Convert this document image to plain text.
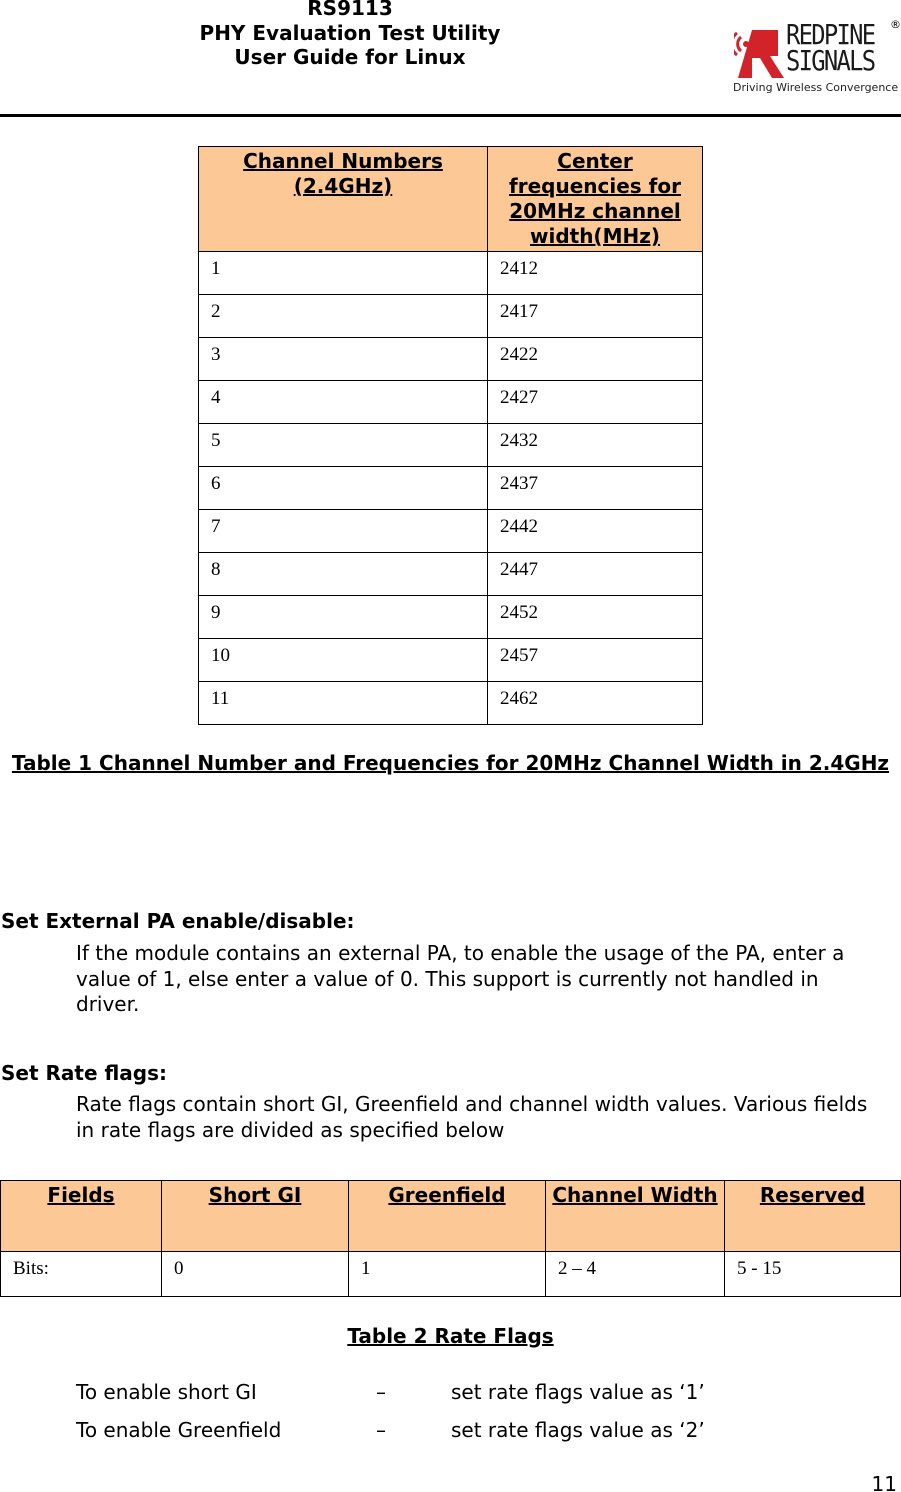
RS9113
PHY Evaluation Test Utility
User Guide for Linux
REDPINE
SIGNALS
®
Driving Wireless Convergence
Channel Numbers (2.4GHz)	Center frequencies for 20MHz channel width(MHz)
1	2412
2	2417
3	2422
4	2427
5	2432
6	2437
7	2442
8	2447
9	2452
10	2457
11	2462
Table 1 Channel Number and Frequencies for 20MHz Channel Width in 2.4GHz
Set External PA enable/disable:
If the module contains an external PA, to enable the usage of the PA, enter a value of 1, else enter a value of 0. This support is currently not handled in driver.
Set Rate flags:
Rate flags contain short GI, Greenfield and channel width values. Various fields in rate flags are divided as specified below
Fields	Short GI	Greenfield	Channel Width	Reserved
Bits:	0	1	2 – 4	5 - 15
Table 2 Rate Flags
To enable short GI	–	set rate flags value as ‘1’
To enable Greenfield	–	set rate flags value as ‘2’
11
